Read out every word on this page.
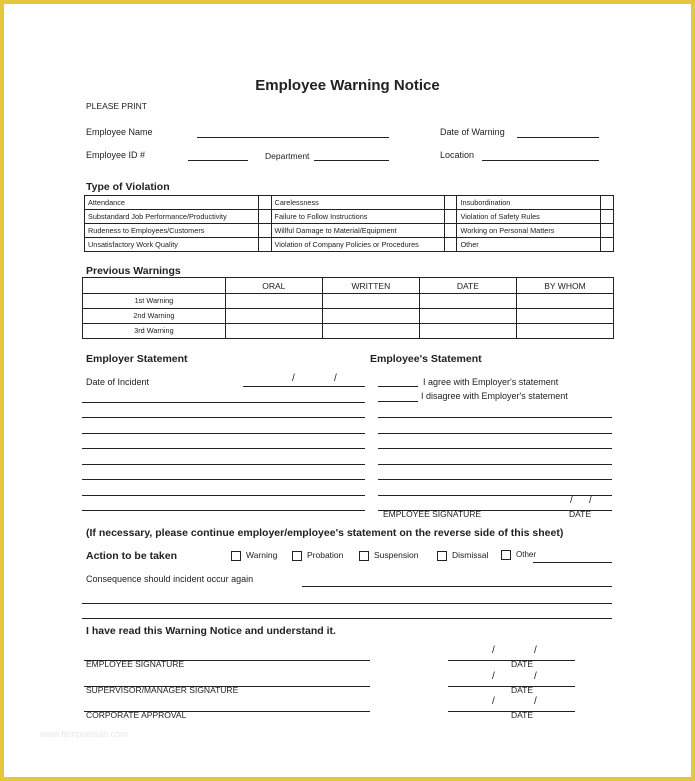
Employee Warning Notice
PLEASE PRINT
Employee Name	Date of Warning
Employee ID #	Department	Location
Type of Violation
Attendance		Carelessness		Insubordination	
Substandard Job Performance/Productivity		Failure to Follow Instructions		Violation of Safety Rules	
Rudeness to Employees/Customers		Willful Damage to Material/Equipment		Working on Personal Matters	
Unsatisfactory Work Quality		Violation of Company Policies or Procedures		Other	
Previous Warnings
	ORAL	WRITTEN	DATE	BY WHOM
1st Warning				
2nd Warning				
3rd Warning				
Employer Statement
Date of Incident	/	/
Employee's Statement
I agree with Employer's statement
I disagree with Employer's statement
EMPLOYEE SIGNATURE
/ /
DATE
(If necessary, please continue employer/employee's statement on the reverse side of this sheet)
Action to be taken	Warning	Probation	Suspension	Dismissal	Other
Consequence should incident occur again
I have read this Warning Notice and understand it.
EMPLOYEE SIGNATURE
/	/
DATE
SUPERVISOR/MANAGER SIGNATURE
/	/
DATE
CORPORATE APPROVAL
/	/
DATE
www.templatelab.com
